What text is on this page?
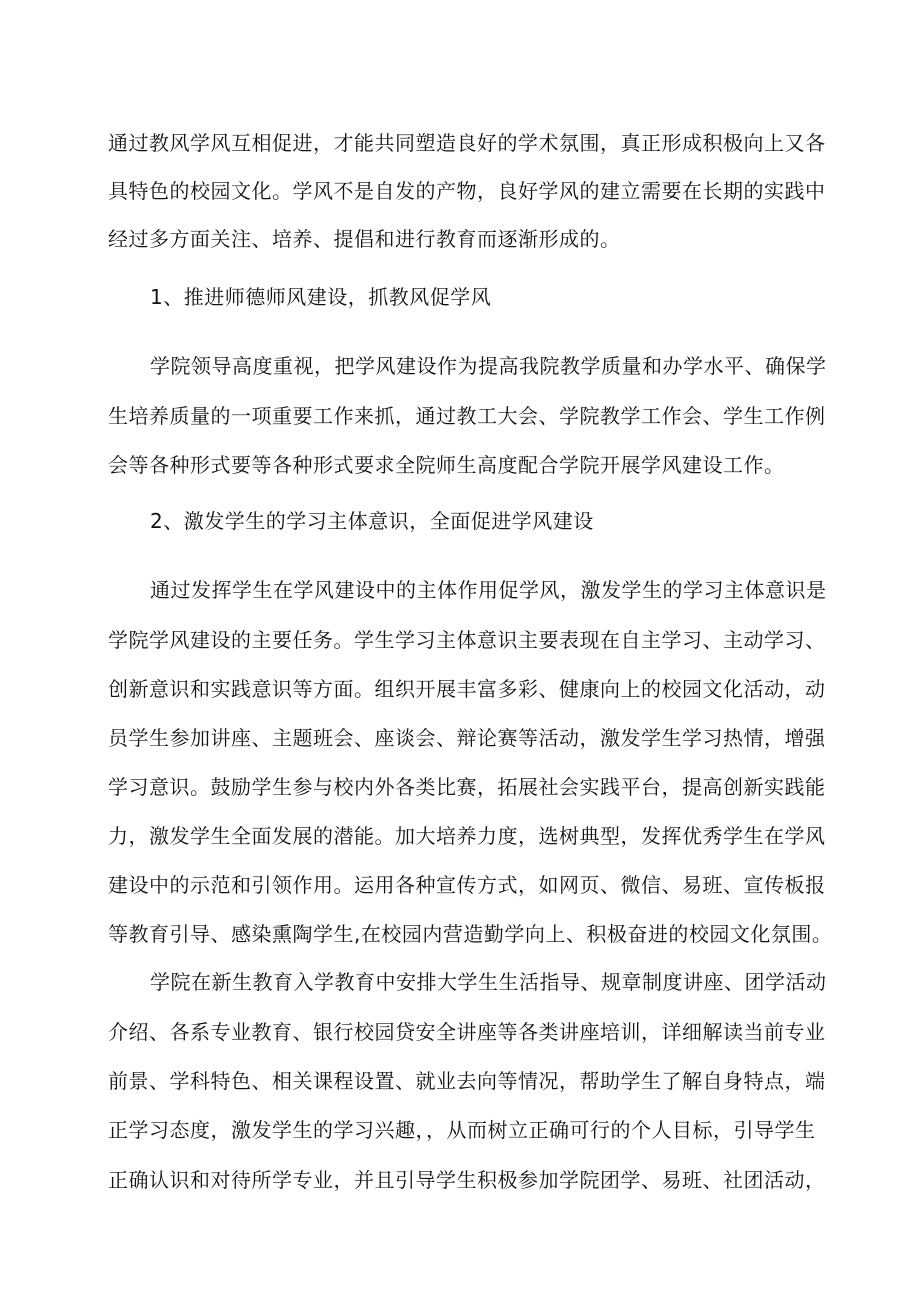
通过教风学风互相促进，才能共同塑造良好的学术氛围，真正形成积极向上又各
具特色的校园文化。学风不是自发的产物，良好学风的建立需要在长期的实践中
经过多方面关注、培养、提倡和进行教育而逐渐形成的。
1、推进师德师风建设，抓教风促学风
学院领导高度重视，把学风建设作为提高我院教学质量和办学水平、确保学
生培养质量的一项重要工作来抓，通过教工大会、学院教学工作会、学生工作例
会等各种形式要等各种形式要求全院师生高度配合学院开展学风建设工作。
2、激发学生的学习主体意识，全面促进学风建设
通过发挥学生在学风建设中的主体作用促学风，激发学生的学习主体意识是
学院学风建设的主要任务。学生学习主体意识主要表现在自主学习、主动学习、
创新意识和实践意识等方面。组织开展丰富多彩、健康向上的校园文化活动，动
员学生参加讲座、主题班会、座谈会、辩论赛等活动，激发学生学习热情，增强
学习意识。鼓励学生参与校内外各类比赛，拓展社会实践平台，提高创新实践能
力，激发学生全面发展的潜能。加大培养力度，选树典型，发挥优秀学生在学风
建设中的示范和引领作用。运用各种宣传方式，如网页、微信、易班、宣传板报
等教育引导、感染熏陶学生,在校园内营造勤学向上、积极奋进的校园文化氛围。
学院在新生教育入学教育中安排大学生生活指导、规章制度讲座、团学活动
介绍、各系专业教育、银行校园贷安全讲座等各类讲座培训，详细解读当前专业
前景、学科特色、相关课程设置、就业去向等情况，帮助学生了解自身特点，端
正学习态度，激发学生的学习兴趣，，从而树立正确可行的个人目标，引导学生
正确认识和对待所学专业，并且引导学生积极参加学院团学、易班、社团活动，
